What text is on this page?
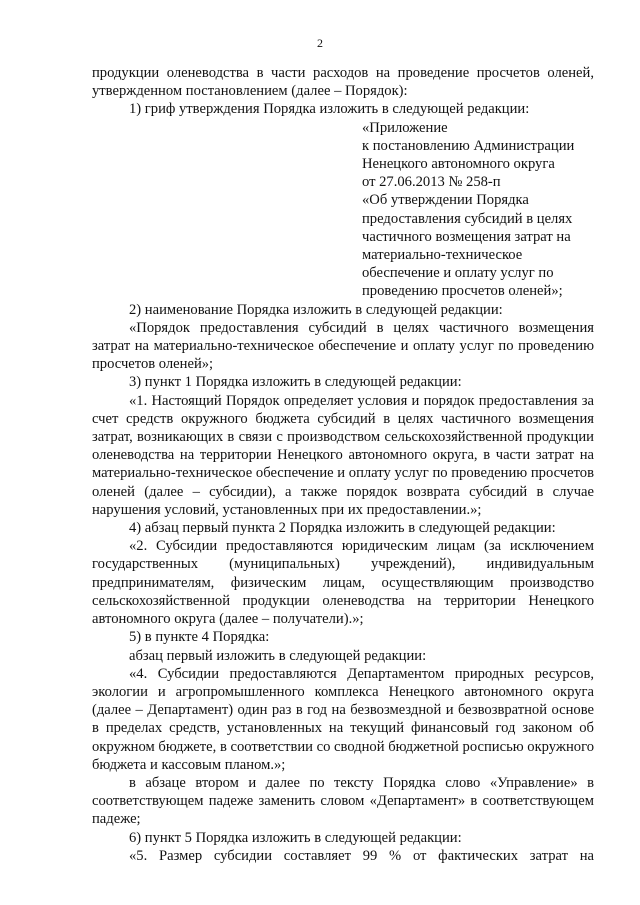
2

продукции оленеводства в части расходов на проведение просчетов оленей, утвержденном постановлением (далее – Порядок):

1) гриф утверждения Порядка изложить в следующей редакции:

«Приложение

к постановлению Администрации

Ненецкого автономного округа

от 27.06.2013 № 258-п

«Об утверждении Порядка

предоставления субсидий в целях

частичного возмещения затрат на

материально-техническое

обеспечение и оплату услуг по

проведению просчетов оленей»;

2) наименование Порядка изложить в следующей редакции:

«Порядок предоставления субсидий в целях частичного возмещения затрат на материально-техническое обеспечение и оплату услуг по проведению просчетов оленей»;

3) пункт 1 Порядка изложить в следующей редакции:

«1. Настоящий Порядок определяет условия и порядок предоставления за счет средств окружного бюджета субсидий в целях частичного возмещения затрат, возникающих в связи с производством сельскохозяйственной продукции оленеводства на территории Ненецкого автономного округа, в части затрат на материально-техническое обеспечение и оплату услуг по проведению просчетов оленей (далее – субсидии), а также порядок возврата субсидий в случае нарушения условий, установленных при их предоставлении.»;

4) абзац первый пункта 2 Порядка изложить в следующей редакции:

«2. Субсидии предоставляются юридическим лицам (за исключением государственных (муниципальных) учреждений), индивидуальным предпринимателям, физическим лицам, осуществляющим производство сельскохозяйственной продукции оленеводства на территории Ненецкого автономного округа (далее – получатели).»;

5) в пункте 4 Порядка:

абзац первый изложить в следующей редакции:

«4. Субсидии предоставляются Департаментом природных ресурсов, экологии и агропромышленного комплекса Ненецкого автономного округа (далее – Департамент) один раз в год на безвозмездной и безвозвратной основе в пределах средств, установленных на текущий финансовый год законом об окружном бюджете, в соответствии со сводной бюджетной росписью окружного бюджета и кассовым планом.»;

в абзаце втором и далее по тексту Порядка слово «Управление» в соответствующем падеже заменить словом «Департамент» в соответствующем падеже;

6) пункт 5 Порядка изложить в следующей редакции:

«5. Размер субсидии составляет 99 % от фактических затрат на
